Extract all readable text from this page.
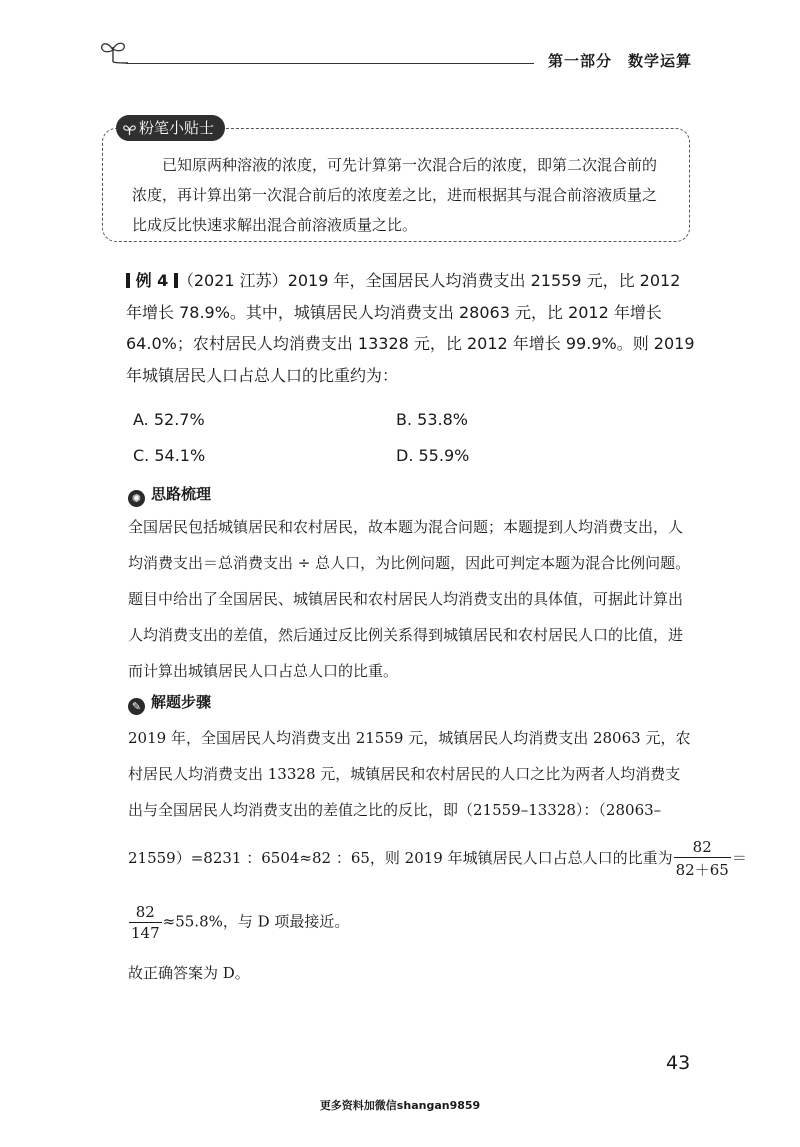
第一部分　数学运算
粉笔小贴士

已知原两种溶液的浓度，可先计算第一次混合后的浓度，即第二次混合前的浓度，再计算出第一次混合前后的浓度差之比，进而根据其与混合前溶液质量之比成反比快速求解出混合前溶液质量之比。

例 4 （2021 江苏）2019 年，全国居民人均消费支出 21559 元，比 2012 年增长 78.9%。其中，城镇居民人均消费支出 28063 元，比 2012 年增长 64.0%；农村居民人均消费支出 13328 元，比 2012 年增长 99.9%。则 2019 年城镇居民人口占总人口的比重约为：

A. 52.7%	B. 53.8%
C. 54.1%	D. 55.9%
✺ 思路梳理

全国居民包括城镇居民和农村居民，故本题为混合问题；本题提到人均消费支出，人均消费支出＝总消费支出 ÷ 总人口，为比例问题，因此可判定本题为混合比例问题。题目中给出了全国居民、城镇居民和农村居民人均消费支出的具体值，可据此计算出人均消费支出的差值，然后通过反比例关系得到城镇居民和农村居民人口的比值，进而计算出城镇居民人口占总人口的比重。

✎ 解题步骤

2019 年，全国居民人均消费支出 21559 元，城镇居民人均消费支出 28063 元，农村居民人均消费支出 13328 元，城镇居民和农村居民的人口之比为两者人均消费支出与全国居民人均消费支出的差值之比的反比，即（21559–13328）：（28063–

21559）=8231 ：6504≈82 ：65，则 2019 年城镇居民人口占总人口的比重为 $\frac{82}{82+65}$ ＝
$\frac{82}{147} \approx 55.8\%$，与 D 项最接近。
故正确答案为 D。
43
更多资料加微信shangan9859
